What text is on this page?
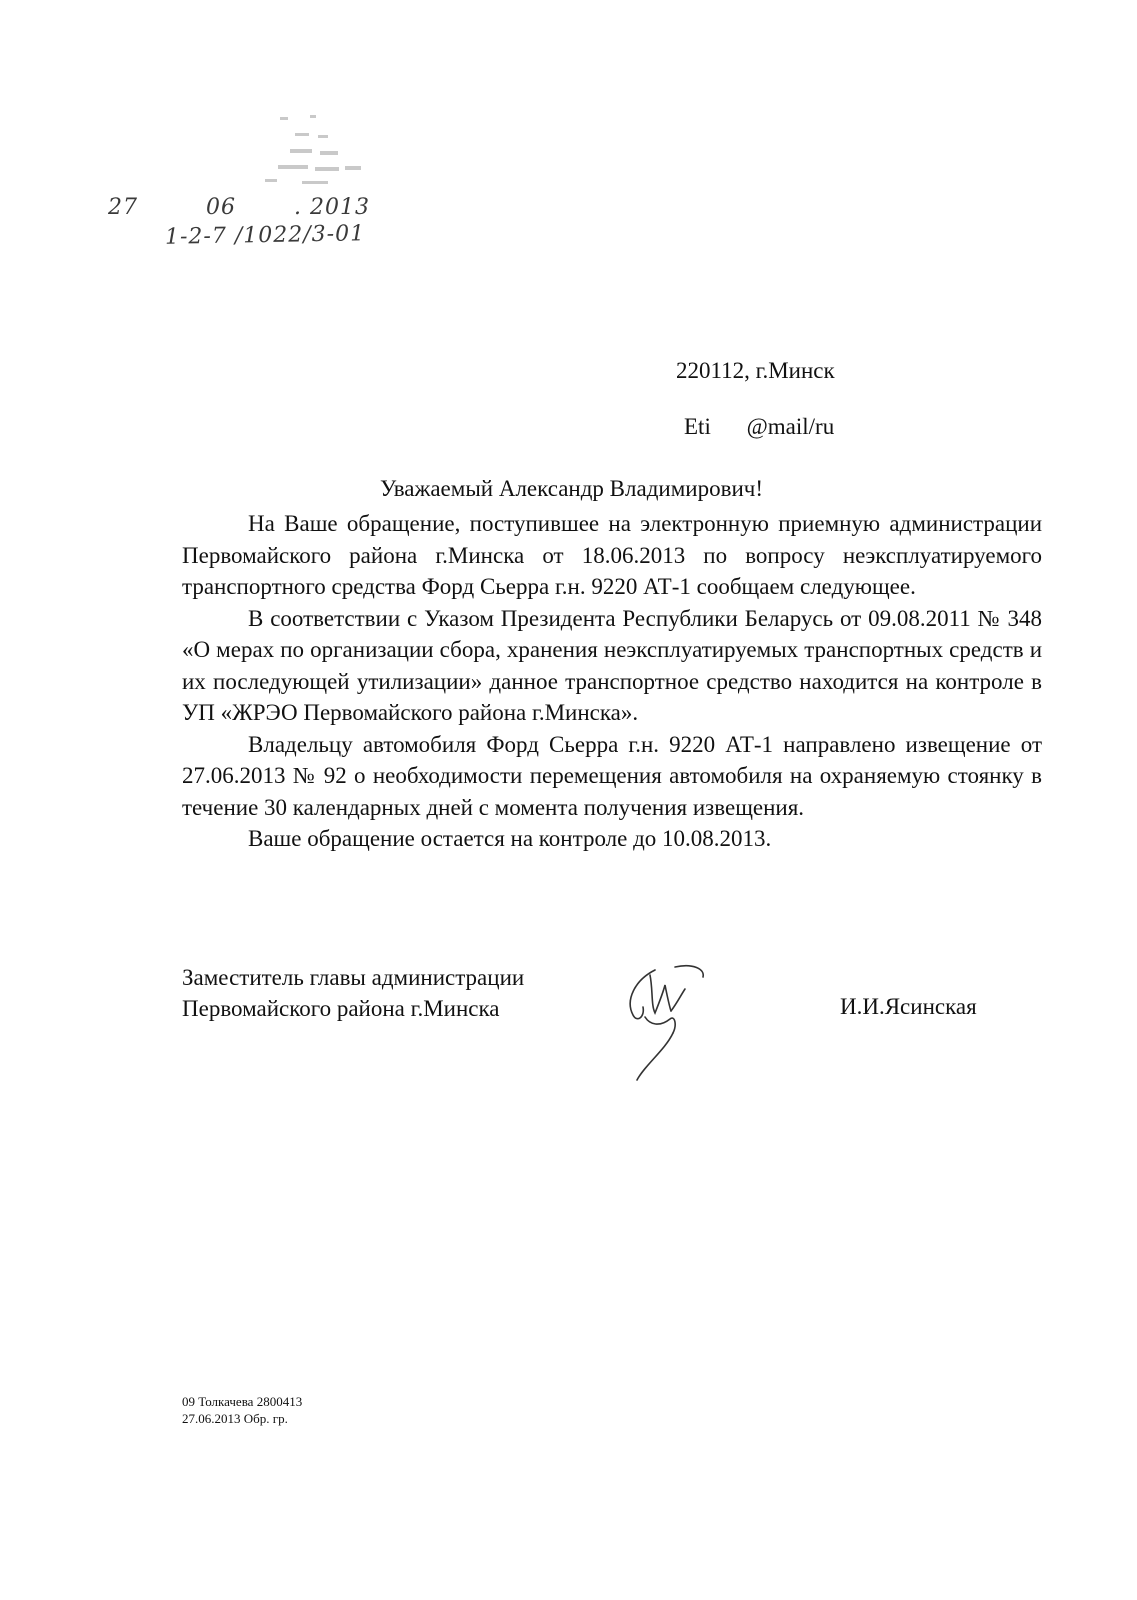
27	06	. 2013
1-2-7 /1022/3-01
220112, г.Минск
Eti @mail/ru
Уважаемый Александр Владимирович!

На Ваше обращение, поступившее на электронную приемную администрации Первомайского района г.Минска от 18.06.2013 по вопросу неэксплуатируемого транспортного средства Форд Сьерра г.н. 9220 АТ-1 сообщаем следующее.

В соответствии с Указом Президента Республики Беларусь от 09.08.2011 № 348 «О мерах по организации сбора, хранения неэксплуатируемых транспортных средств и их последующей утилизации» данное транспортное средство находится на контроле в УП «ЖРЭО Первомайского района г.Минска».

Владельцу автомобиля Форд Сьерра г.н. 9220 АТ-1 направлено извещение от 27.06.2013 № 92 о необходимости перемещения автомобиля на охраняемую стоянку в течение 30 календарных дней с момента получения извещения.

Ваше обращение остается на контроле до 10.08.2013.

Заместитель главы администрации
Первомайского района г.Минска	И.И.Ясинская
09 Толкачева 2800413
27.06.2013 Обр. гр.
